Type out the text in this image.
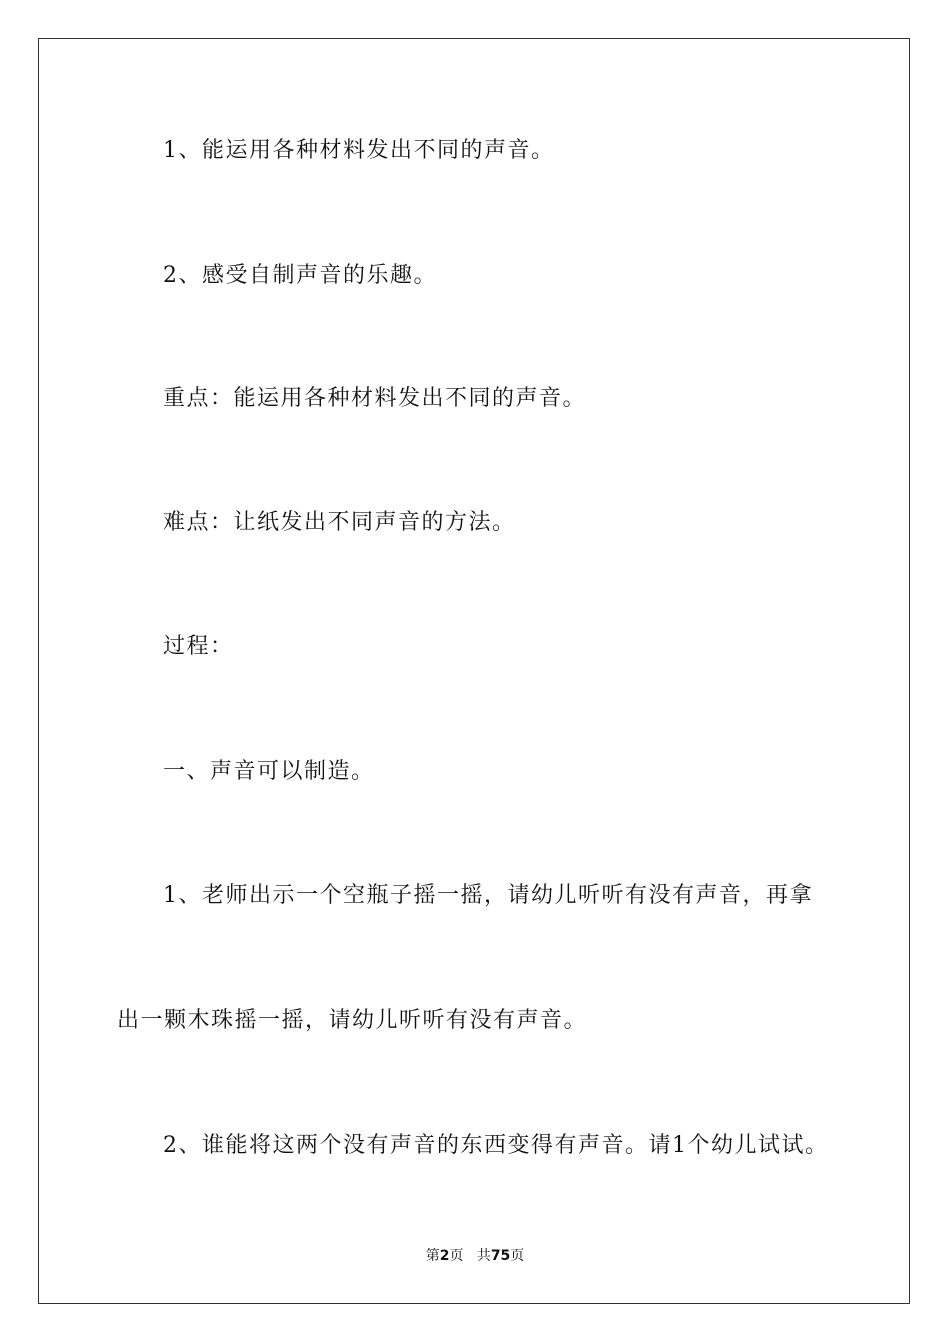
1、能运用各种材料发出不同的声音。
2、感受自制声音的乐趣。
重点：能运用各种材料发出不同的声音。
难点：让纸发出不同声音的方法。
过程：
一、声音可以制造。
1、老师出示一个空瓶子摇一摇，请幼儿听听有没有声音，再拿
出一颗木珠摇一摇，请幼儿听听有没有声音。
2、谁能将这两个没有声音的东西变得有声音。请1个幼儿试试。
第2页 共75页
